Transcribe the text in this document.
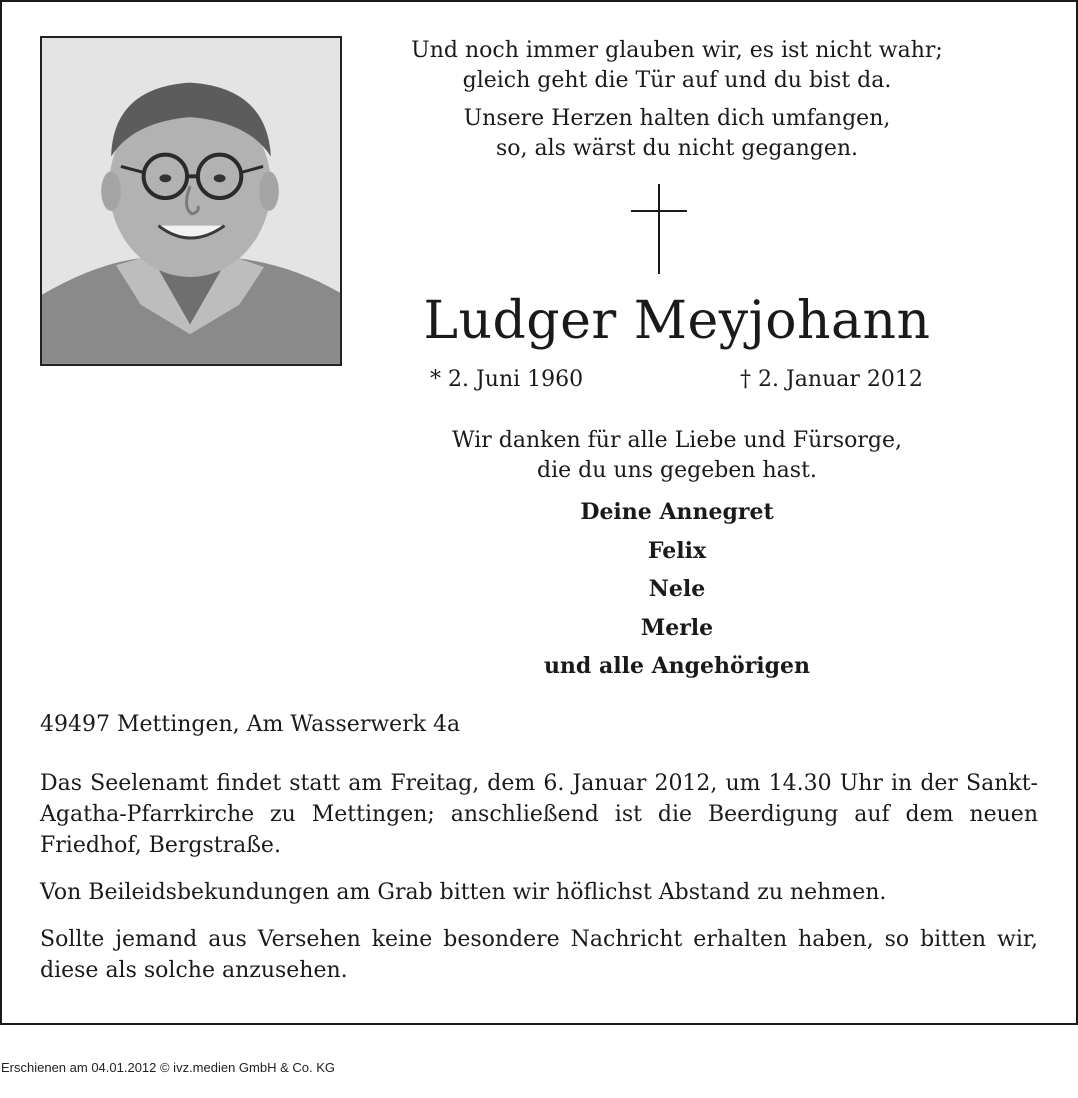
Und noch immer glauben wir, es ist nicht wahr;

gleich geht die Tür auf und du bist da.

Unsere Herzen halten dich umfangen,

so, als wärst du nicht gegangen.

Ludger Meyjohann
* 2. Juni 1960	† 2. Januar 2012

Wir danken für alle Liebe und Fürsorge,

die du uns gegeben hast.

Deine Annegret
Felix
Nele
Merle
und alle Angehörigen
49497 Mettingen, Am Wasserwerk 4a
Das Seelenamt findet statt am Freitag, dem 6. Januar 2012, um 14.30 Uhr in der Sankt-Agatha-Pfarrkirche zu Mettingen; anschließend ist die Beerdigung auf dem neuen Friedhof, Bergstraße.
Von Beileidsbekundungen am Grab bitten wir höflichst Abstand zu nehmen.
Sollte jemand aus Versehen keine besondere Nachricht erhalten haben, so bitten wir, diese als solche anzusehen.
Erschienen am 04.01.2012 © ivz.medien GmbH & Co. KG
